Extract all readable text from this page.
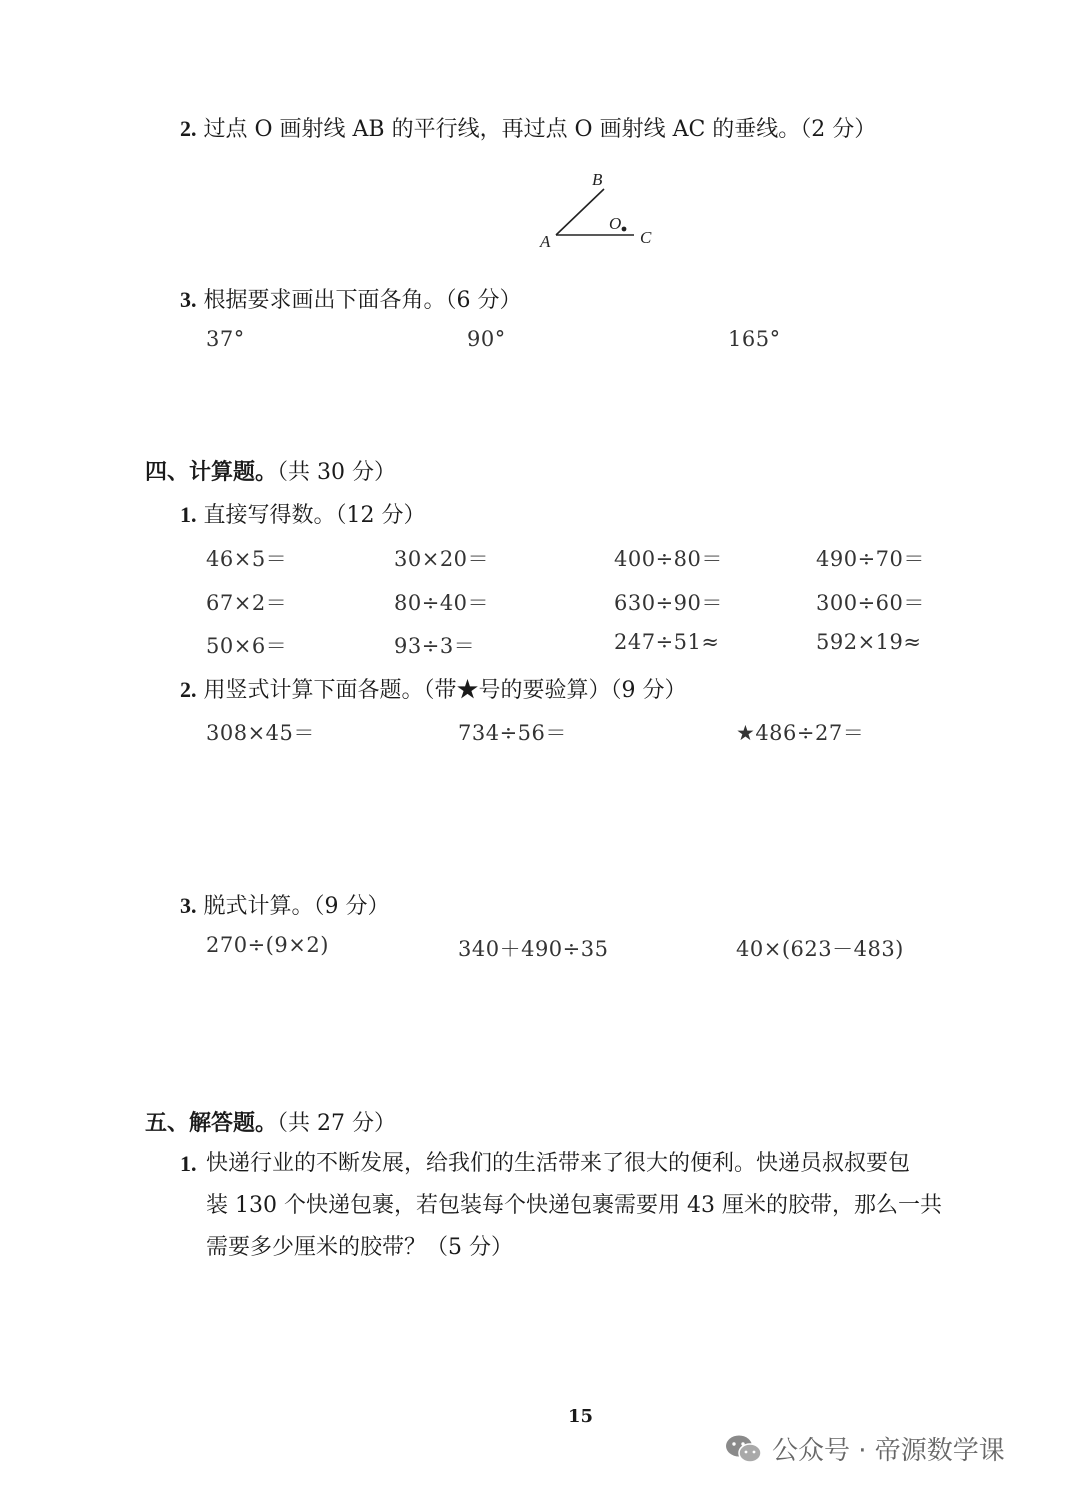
2. 过点 O 画射线 AB 的平行线，再过点 O 画射线 AC 的垂线。（2 分）
B
A	C
O
3. 根据要求画出下面各角。（6 分）
37°	90°	165°
四、计算题。（共 30 分）
1. 直接写得数。（12 分）
46×5＝	30×20＝	400÷80＝	490÷70＝
67×2＝	80÷40＝	630÷90＝	300÷60＝
50×6＝	93÷3＝	247÷51≈	592×19≈
2. 用竖式计算下面各题。（带★号的要验算）（9 分）
308×45＝	734÷56＝	★486÷27＝
3. 脱式计算。（9 分）
270÷(9×2)	340＋490÷35	40×(623－483)
五、解答题。（共 27 分）
1. 快递行业的不断发展，给我们的生活带来了很大的便利。快递员叔叔要包
装 130 个快递包裹，若包装每个快递包裹需要用 43 厘米的胶带，那么一共
需要多少厘米的胶带？（5 分）
15
公众号 · 帝源数学课
